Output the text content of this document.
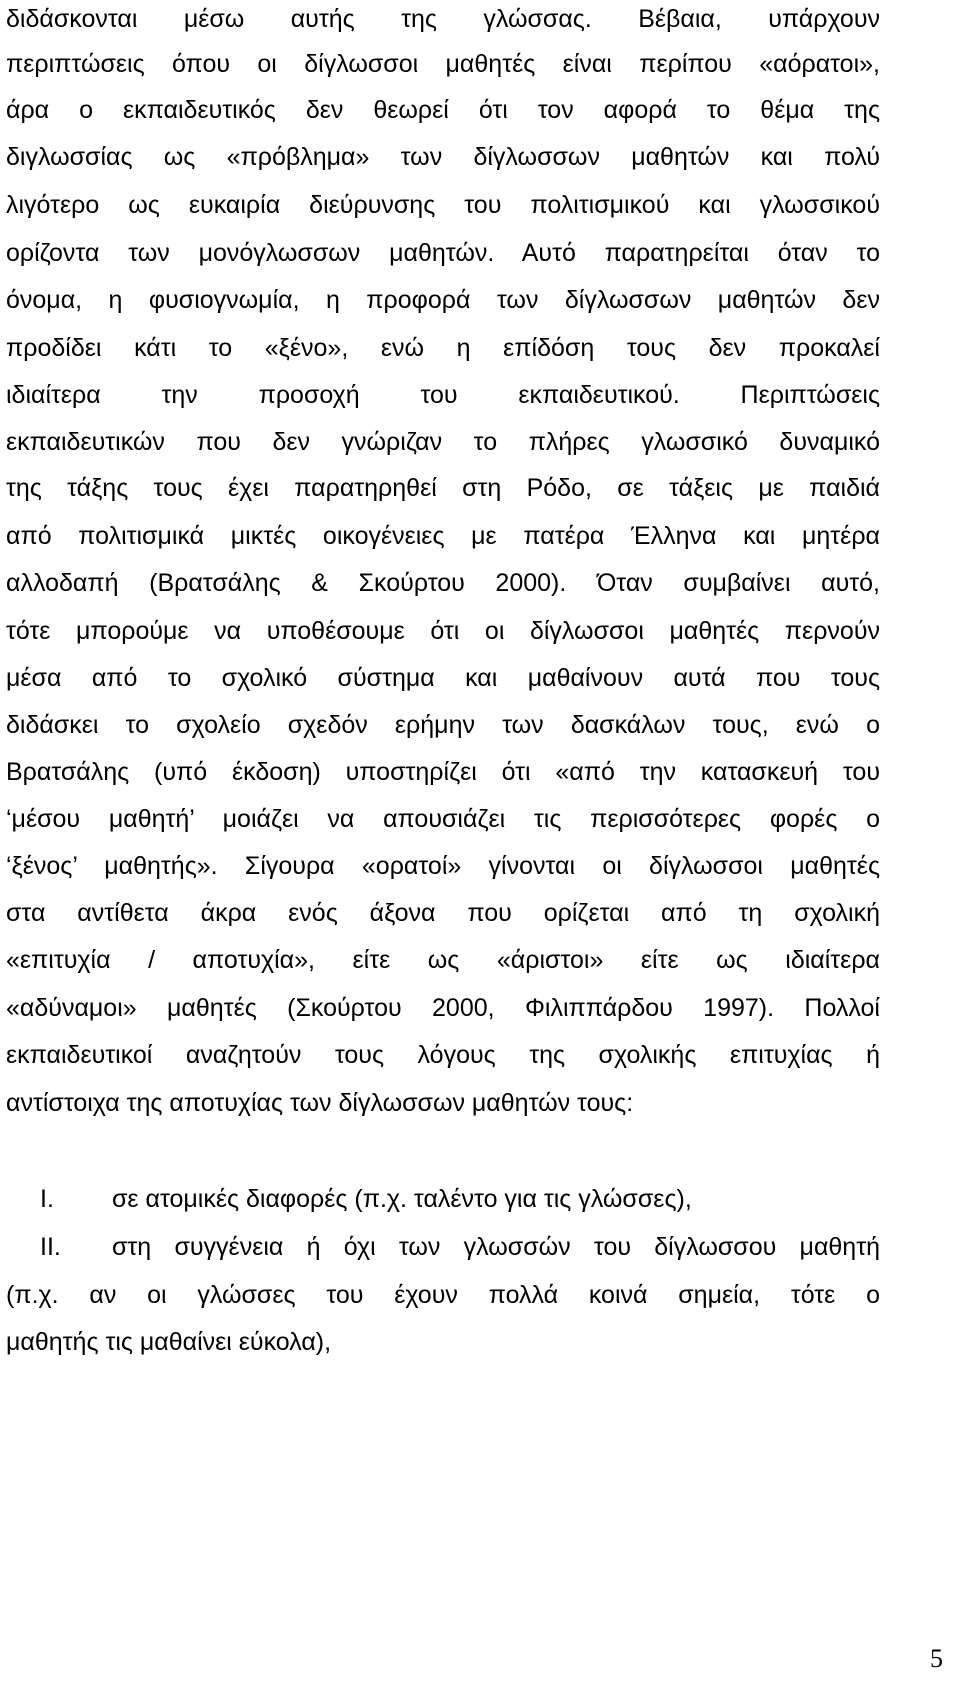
διδάσκονται μέσω αυτής της γλώσσας. Βέβαια, υπάρχουν
περιπτώσεις όπου οι δίγλωσσοι μαθητές είναι περίπου «αόρατοι»,
άρα ο εκπαιδευτικός δεν θεωρεί ότι τον αφορά το θέμα της
διγλωσσίας ως «πρόβλημα» των δίγλωσσων μαθητών και πολύ
λιγότερο ως ευκαιρία διεύρυνσης του πολιτισμικού και γλωσσικού
ορίζοντα των μονόγλωσσων μαθητών. Αυτό παρατηρείται όταν το
όνομα, η φυσιογνωμία, η προφορά των δίγλωσσων μαθητών δεν
προδίδει κάτι το «ξένο», ενώ η επίδόση τους δεν προκαλεί
ιδιαίτερα την προσοχή του εκπαιδευτικού. Περιπτώσεις
εκπαιδευτικών που δεν γνώριζαν το πλήρες γλωσσικό δυναμικό
της τάξης τους έχει παρατηρηθεί στη Ρόδο, σε τάξεις με παιδιά
από πολιτισμικά μικτές οικογένειες με πατέρα Έλληνα και μητέρα
αλλοδαπή (Βρατσάλης & Σκούρτου 2000). Όταν συμβαίνει αυτό,
τότε μπορούμε να υποθέσουμε ότι οι δίγλωσσοι μαθητές περνούν
μέσα από το σχολικό σύστημα και μαθαίνουν αυτά που τους
διδάσκει το σχολείο σχεδόν ερήμην των δασκάλων τους, ενώ ο
Βρατσάλης (υπό έκδοση) υποστηρίζει ότι «από την κατασκευή του
‘μέσου μαθητή’ μοιάζει να απουσιάζει τις περισσότερες φορές ο
‘ξένος’ μαθητής». Σίγουρα «ορατοί» γίνονται οι δίγλωσσοι μαθητές
στα αντίθετα άκρα ενός άξονα που ορίζεται από τη σχολική
«επιτυχία / αποτυχία», είτε ως «άριστοι» είτε ως ιδιαίτερα
«αδύναμοι» μαθητές (Σκούρτου 2000, Φιλιππάρδου 1997). Πολλοί
εκπαιδευτικοί αναζητούν τους λόγους της σχολικής επιτυχίας ή
αντίστοιχα της αποτυχίας των δίγλωσσων μαθητών τους:
I. σε ατομικές διαφορές (π.χ. ταλέντο για τις γλώσσες),
II. στη συγγένεια ή όχι των γλωσσών του δίγλωσσου μαθητή
(π.χ. αν οι γλώσσες του έχουν πολλά κοινά σημεία, τότε ο
μαθητής τις μαθαίνει εύκολα),
5
